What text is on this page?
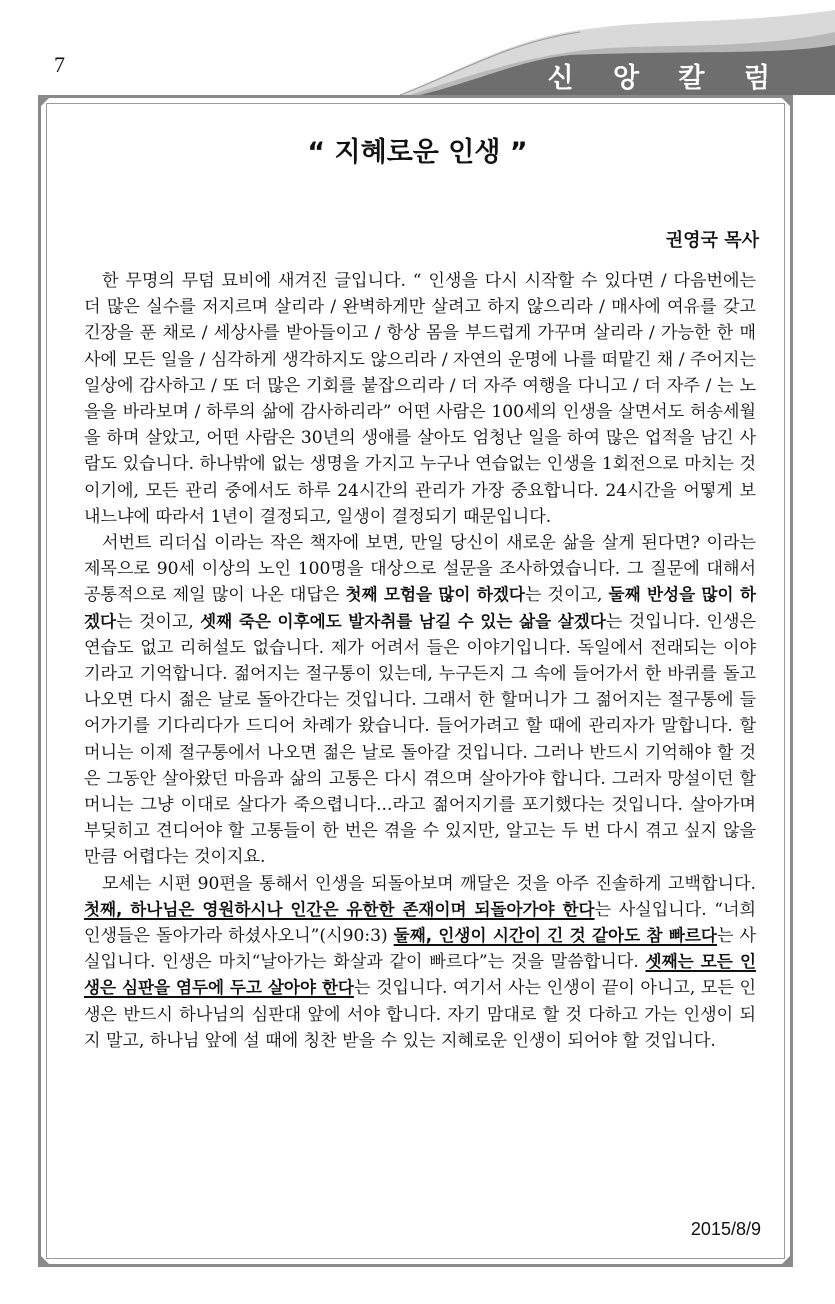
7	신 앙 칼 럼
“ 지혜로운 인생 ”
권영국 목사

한 무명의 무덤 묘비에 새겨진 글입니다. “ 인생을 다시 시작할 수 있다면 / 다음번에는 더 많은 실수를 저지르며 살리라 / 완벽하게만 살려고 하지 않으리라 / 매사에 여유를 갖고 긴장을 푼 채로 / 세상사를 받아들이고 / 항상 몸을 부드럽게 가꾸며 살리라 / 가능한 한 매사에 모든 일을 / 심각하게 생각하지도 않으리라 / 자연의 운명에 나를 떠맡긴 채 / 주어지는 일상에 감사하고 / 또 더 많은 기회를 붙잡으리라 / 더 자주 여행을 다니고 / 더 자주 / 는 노을을 바라보며 / 하루의 삶에 감사하리라” 어떤 사람은 100세의 인생을 살면서도 허송세월을 하며 살았고, 어떤 사람은 30년의 생애를 살아도 엄청난 일을 하여 많은 업적을 남긴 사람도 있습니다. 하나밖에 없는 생명을 가지고 누구나 연습없는 인생을 1회전으로 마치는 것이기에, 모든 관리 중에서도 하루 24시간의 관리가 가장 중요합니다. 24시간을 어떻게 보내느냐에 따라서 1년이 결정되고, 일생이 결정되기 때문입니다.

서번트 리더십 이라는 작은 책자에 보면, 만일 당신이 새로운 삶을 살게 된다면? 이라는 제목으로 90세 이상의 노인 100명을 대상으로 설문을 조사하였습니다. 그 질문에 대해서 공통적으로 제일 많이 나온 대답은 첫째 모험을 많이 하겠다는 것이고, 둘째 반성을 많이 하겠다는 것이고, 셋째 죽은 이후에도 발자취를 남길 수 있는 삶을 살겠다는 것입니다. 인생은 연습도 없고 리허설도 없습니다. 제가 어려서 들은 이야기입니다. 독일에서 전래되는 이야기라고 기억합니다. 젊어지는 절구통이 있는데, 누구든지 그 속에 들어가서 한 바퀴를 돌고 나오면 다시 젊은 날로 돌아간다는 것입니다. 그래서 한 할머니가 그 젊어지는 절구통에 들어가기를 기다리다가 드디어 차례가 왔습니다. 들어가려고 할 때에 관리자가 말합니다. 할머니는 이제 절구통에서 나오면 젊은 날로 돌아갈 것입니다. 그러나 반드시 기억해야 할 것은 그동안 살아왔던 마음과 삶의 고통은 다시 겪으며 살아가야 합니다. 그러자 망설이던 할머니는 그냥 이대로 살다가 죽으렵니다...라고 젊어지기를 포기했다는 것입니다. 살아가며 부딪히고 견디어야 할 고통들이 한 번은 겪을 수 있지만, 알고는 두 번 다시 겪고 싶지 않을 만큼 어렵다는 것이지요.

모세는 시편 90편을 통해서 인생을 되돌아보며 깨달은 것을 아주 진솔하게 고백합니다. 첫째, 하나님은 영원하시나 인간은 유한한 존재이며 되돌아가야 한다는 사실입니다. “너희 인생들은 돌아가라 하셨사오니”(시90:3) 둘째, 인생이 시간이 긴 것 같아도 참 빠르다는 사실입니다. 인생은 마치“날아가는 화살과 같이 빠르다”는 것을 말씀합니다. 셋째는 모든 인생은 심판을 염두에 두고 살아야 한다는 것입니다. 여기서 사는 인생이 끝이 아니고, 모든 인생은 반드시 하나님의 심판대 앞에 서야 합니다. 자기 맘대로 할 것 다하고 가는 인생이 되지 말고, 하나님 앞에 설 때에 칭찬 받을 수 있는 지혜로운 인생이 되어야 할 것입니다.

2015/8/9
